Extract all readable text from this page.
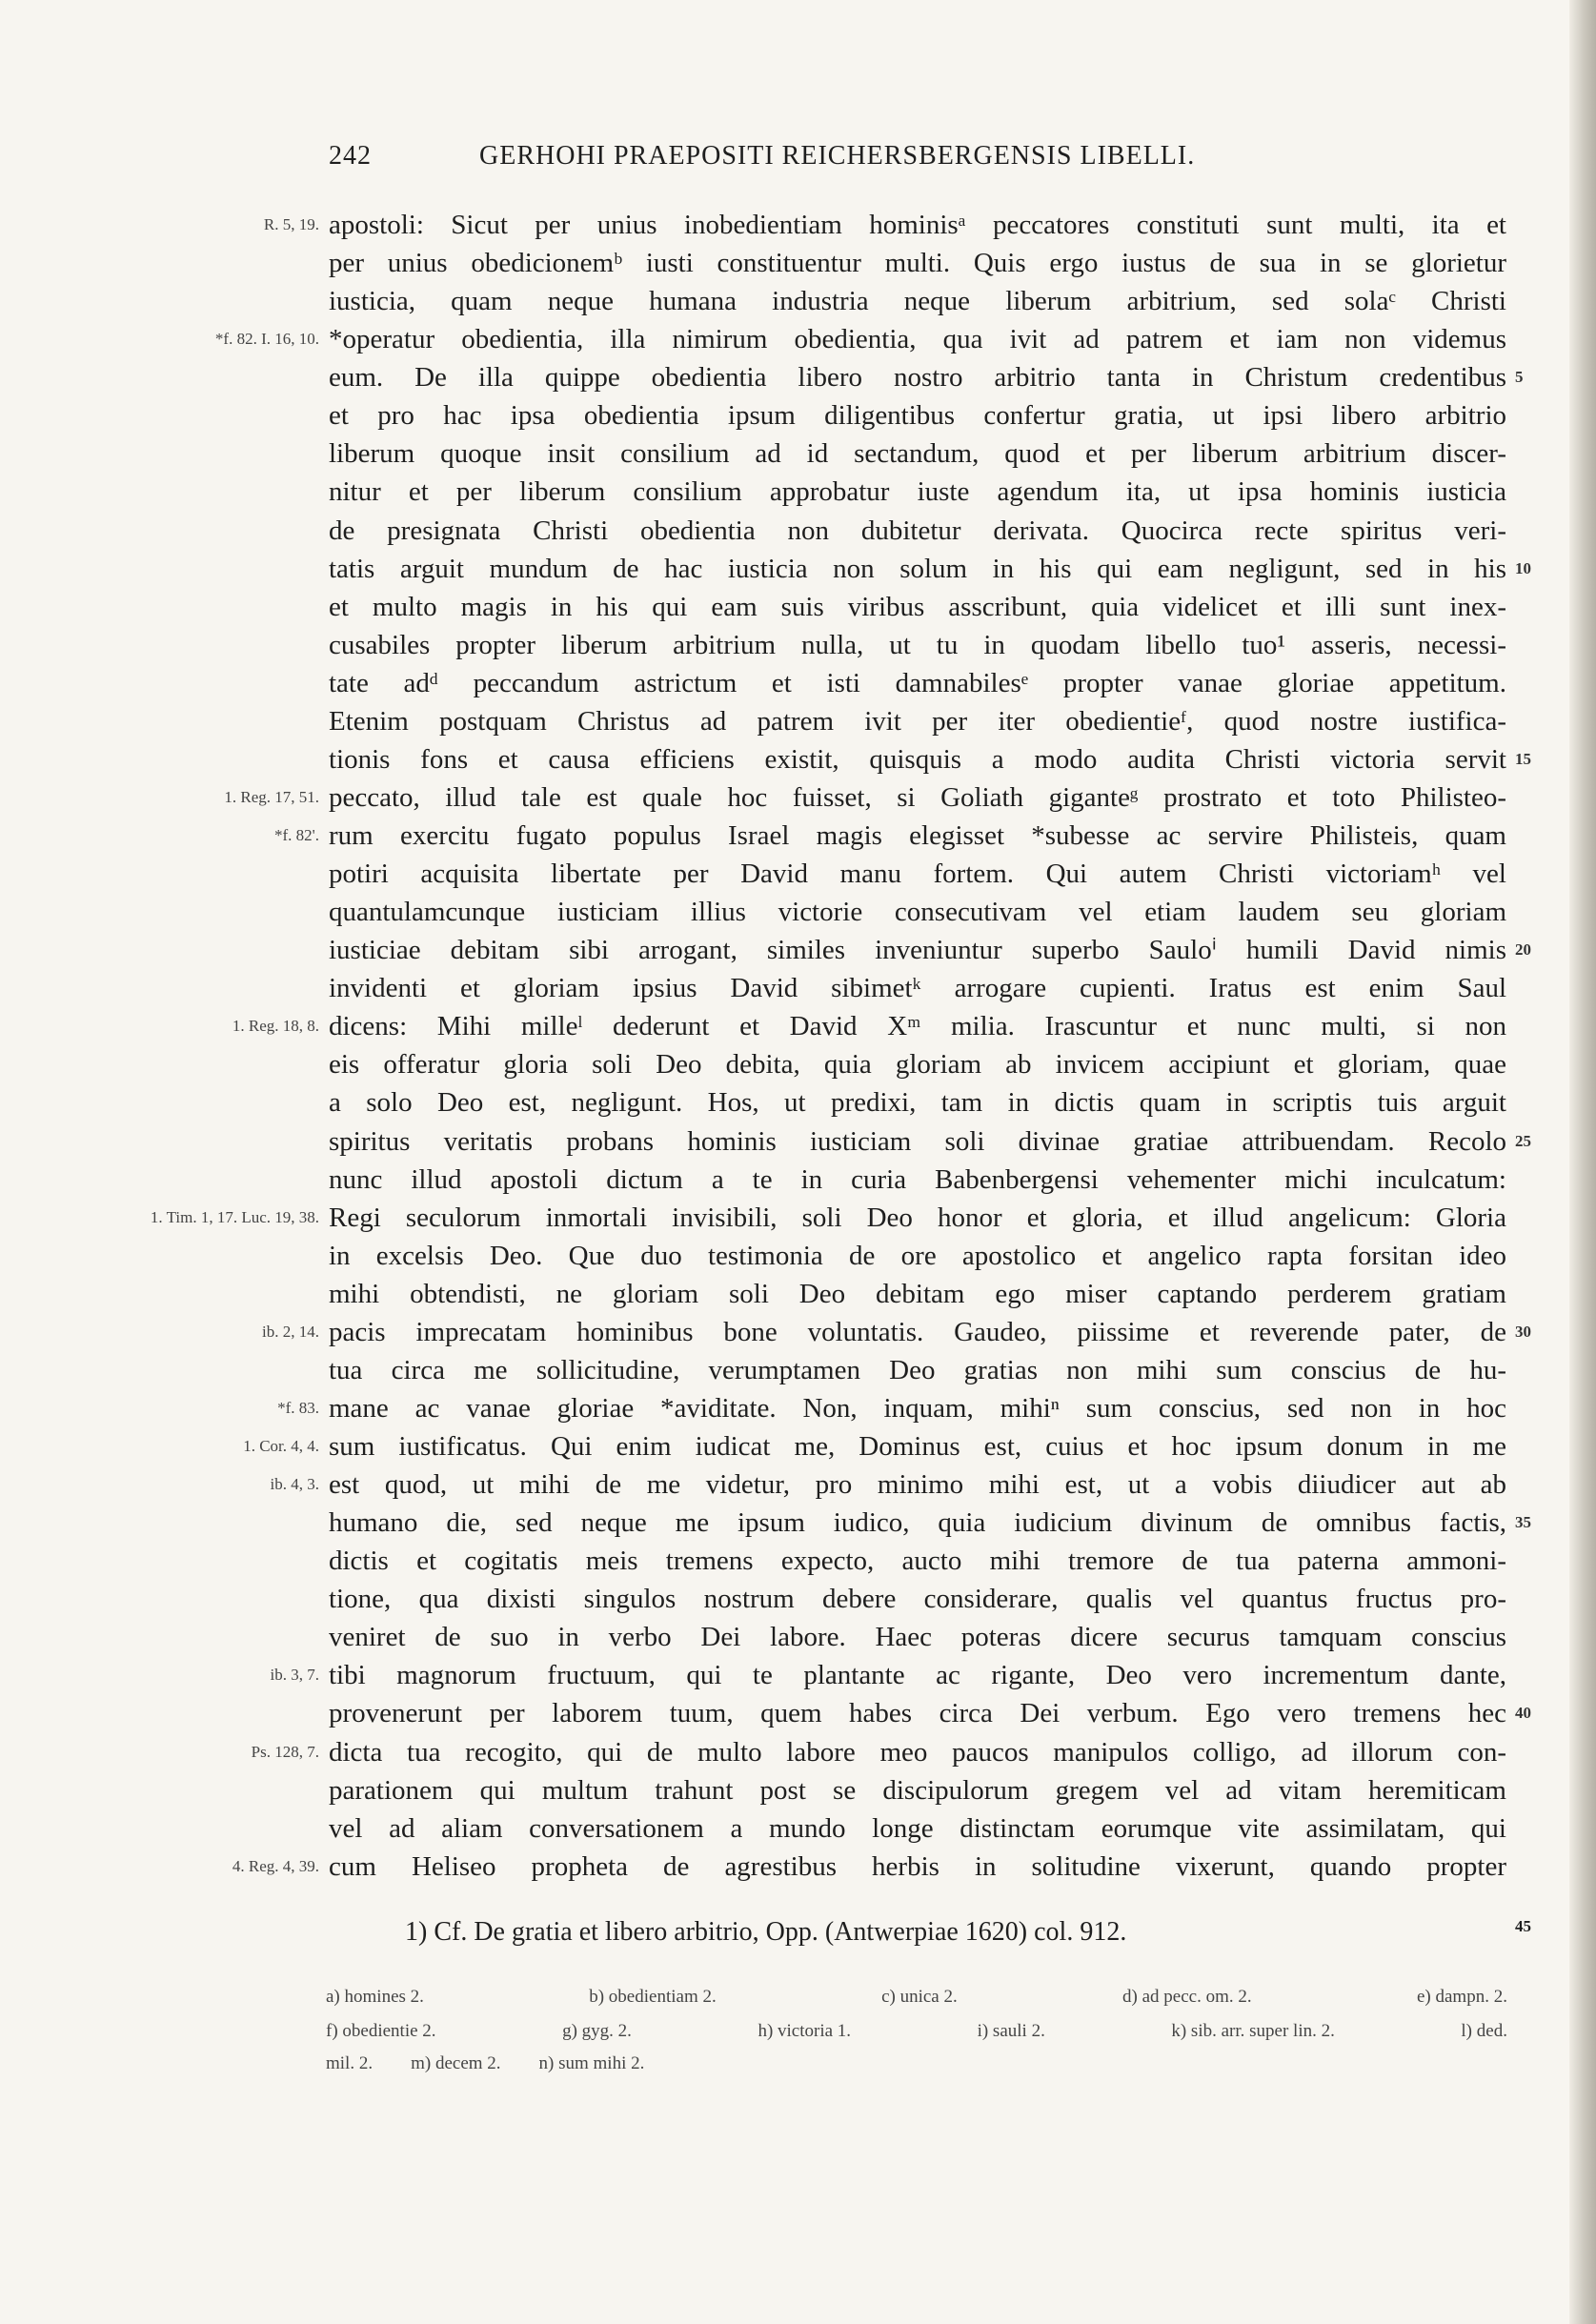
242	GERHOHI PRAEPOSITI REICHERSBERGENSIS LIBELLI.
R. 5, 19. apostoli: Sicut per unius inobedientiam hominisᵃ peccatores constituti sunt multi, ita et
per unius obedicionemᵇ iusti constituentur multi. Quis ergo iustus de sua in se glorietur
iusticia, quam neque humana industria neque liberum arbitrium, sed solaᶜ Christi
*f. 82. I. 16, 10. *operatur obedientia, illa nimirum obedientia, qua ivit ad patrem et iam non videmus
eum. De illa quippe obedientia libero nostro arbitrio tanta in Christum credentibus 5
et pro hac ipsa obedientia ipsum diligentibus confertur gratia, ut ipsi libero arbitrio
liberum quoque insit consilium ad id sectandum, quod et per liberum arbitrium discer-
nitur et per liberum consilium approbatur iuste agendum ita, ut ipsa hominis iusticia
de presignata Christi obedientia non dubitetur derivata. Quocirca recte spiritus veri-
tatis arguit mundum de hac iusticia non solum in his qui eam negligunt, sed in his 10
et multo magis in his qui eam suis viribus asscribunt, quia videlicet et illi sunt inex-
cusabiles propter liberum arbitrium nulla, ut tu in quodam libello tuo¹ asseris, necessi-
tate adᵈ peccandum astrictum et isti damnabilesᵉ propter vanae gloriae appetitum.
Etenim postquam Christus ad patrem ivit per iter obedientieᶠ, quod nostre iustifica-
tionis fons et causa efficiens existit, quisquis a modo audita Christi victoria servit 15
1. Reg. 17, 51. peccato, illud tale est quale hoc fuisset, si Goliath giganteᵍ prostrato et toto Philisteo-
*f. 82'. rum exercitu fugato populus Israel magis elegisset *subesse ac servire Philisteis, quam
potiri acquisita libertate per David manu fortem. Qui autem Christi victoriamʰ vel
quantulamcunque iusticiam illius victorie consecutivam vel etiam laudem seu gloriam
iusticiae debitam sibi arrogant, similes inveniuntur superbo Sauloⁱ humili David nimis 20
invidenti et gloriam ipsius David sibimetᵏ arrogare cupienti. Iratus est enim Saul
1. Reg. 18, 8. dicens: Mihi milleˡ dederunt et David Xᵐ milia. Irascuntur et nunc multi, si non
eis offeratur gloria soli Deo debita, quia gloriam ab invicem accipiunt et gloriam, quae
a solo Deo est, negligunt. Hos, ut predixi, tam in dictis quam in scriptis tuis arguit
spiritus veritatis probans hominis iusticiam soli divinae gratiae attribuendam. Recolo 25
nunc illud apostoli dictum a te in curia Babenbergensi vehementer michi inculcatum:
1. Tim. 1, 17. Luc. 19, 38. Regi seculorum inmortali invisibili, soli Deo honor et gloria, et illud angelicum: Gloria
in excelsis Deo. Que duo testimonia de ore apostolico et angelico rapta forsitan ideo
mihi obtendisti, ne gloriam soli Deo debitam ego miser captando perderem gratiam
ib. 2, 14. pacis imprecatam hominibus bone voluntatis. Gaudeo, piissime et reverende pater, de 30
tua circa me sollicitudine, verumptamen Deo gratias non mihi sum conscius de hu-
*f. 83. mane ac vanae gloriae *aviditate. Non, inquam, mihiⁿ sum conscius, sed non in hoc
1. Cor. 4, 4. sum iustificatus. Qui enim iudicat me, Dominus est, cuius et hoc ipsum donum in me
ib. 4, 3. est quod, ut mihi de me videtur, pro minimo mihi est, ut a vobis diiudicer aut ab
humano die, sed neque me ipsum iudico, quia iudicium divinum de omnibus factis, 35
dictis et cogitatis meis tremens expecto, aucto mihi tremore de tua paterna ammoni-
tione, qua dixisti singulos nostrum debere considerare, qualis vel quantus fructus pro-
veniret de suo in verbo Dei labore. Haec poteras dicere securus tamquam conscius
ib. 3, 7. tibi magnorum fructuum, qui te plantante ac rigante, Deo vero incrementum dante,
provenerunt per laborem tuum, quem habes circa Dei verbum. Ego vero tremens hec 40
Ps. 128, 7. dicta tua recogito, qui de multo labore meo paucos manipulos colligo, ad illorum con-
parationem qui multum trahunt post se discipulorum gregem vel ad vitam heremiticam
vel ad aliam conversationem a mundo longe distinctam eorumque vite assimilatam, qui
4. Reg. 4, 39. cum Heliseo propheta de agrestibus herbis in solitudine vixerunt, quando propter
1) Cf. De gratia et libero arbitrio, Opp. (Antwerpiae 1620) col. 912.	45
a) homines 2.	b) obedientiam 2.	c) unica 2.	d) ad pecc. om. 2.	e) dampn. 2.
f) obedientie 2.	g) gyg. 2.	h) victoria 1.	i) sauli 2.	k) sib. arr. super lin. 2.	l) ded.
mil. 2. m) decem 2. n) sum mihi 2.
